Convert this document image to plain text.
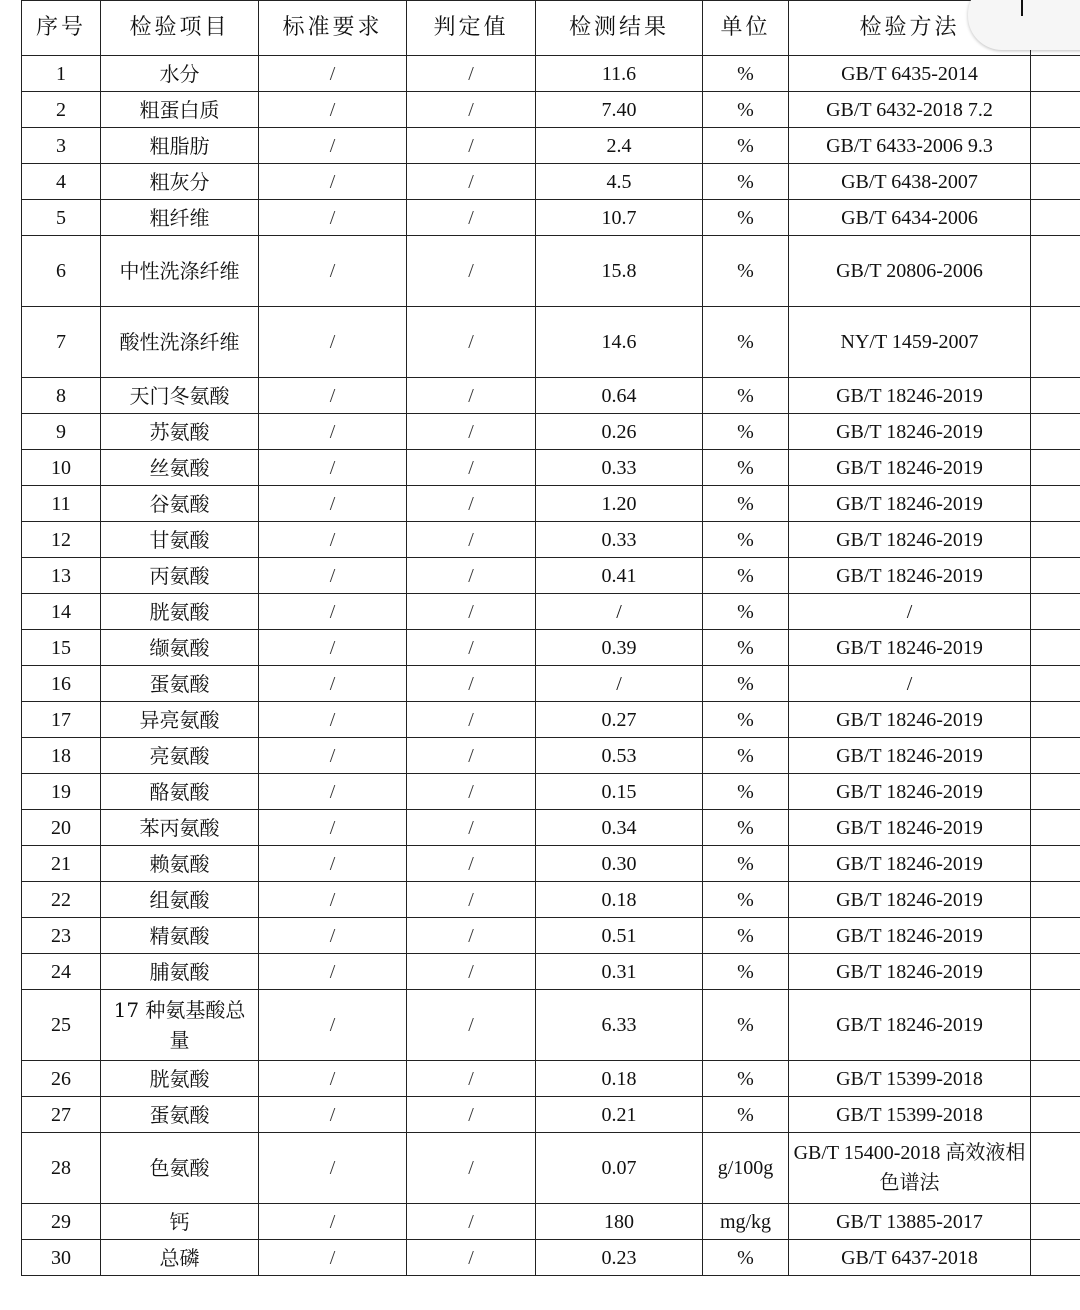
序号	检验项目	标准要求	判定值	检测结果	单位	检验方法	
1	水分	/	/	11.6	%	GB/T 6435-2014	
2	粗蛋白质	/	/	7.40	%	GB/T 6432-2018 7.2	
3	粗脂肪	/	/	2.4	%	GB/T 6433-2006 9.3	
4	粗灰分	/	/	4.5	%	GB/T 6438-2007	
5	粗纤维	/	/	10.7	%	GB/T 6434-2006	
6	中性洗涤纤维	/	/	15.8	%	GB/T 20806-2006	
7	酸性洗涤纤维	/	/	14.6	%	NY/T 1459-2007	
8	天门冬氨酸	/	/	0.64	%	GB/T 18246-2019	
9	苏氨酸	/	/	0.26	%	GB/T 18246-2019	
10	丝氨酸	/	/	0.33	%	GB/T 18246-2019	
11	谷氨酸	/	/	1.20	%	GB/T 18246-2019	
12	甘氨酸	/	/	0.33	%	GB/T 18246-2019	
13	丙氨酸	/	/	0.41	%	GB/T 18246-2019	
14	胱氨酸	/	/	/	%	/	
15	缬氨酸	/	/	0.39	%	GB/T 18246-2019	
16	蛋氨酸	/	/	/	%	/	
17	异亮氨酸	/	/	0.27	%	GB/T 18246-2019	
18	亮氨酸	/	/	0.53	%	GB/T 18246-2019	
19	酪氨酸	/	/	0.15	%	GB/T 18246-2019	
20	苯丙氨酸	/	/	0.34	%	GB/T 18246-2019	
21	赖氨酸	/	/	0.30	%	GB/T 18246-2019	
22	组氨酸	/	/	0.18	%	GB/T 18246-2019	
23	精氨酸	/	/	0.51	%	GB/T 18246-2019	
24	脯氨酸	/	/	0.31	%	GB/T 18246-2019	
25	17 种氨基酸总量	/	/	6.33	%	GB/T 18246-2019	
26	胱氨酸	/	/	0.18	%	GB/T 15399-2018	
27	蛋氨酸	/	/	0.21	%	GB/T 15399-2018	
28	色氨酸	/	/	0.07	g/100g	GB/T 15400-2018 高效液相色谱法	
29	钙	/	/	180	mg/kg	GB/T 13885-2017	
30	总磷	/	/	0.23	%	GB/T 6437-2018	
